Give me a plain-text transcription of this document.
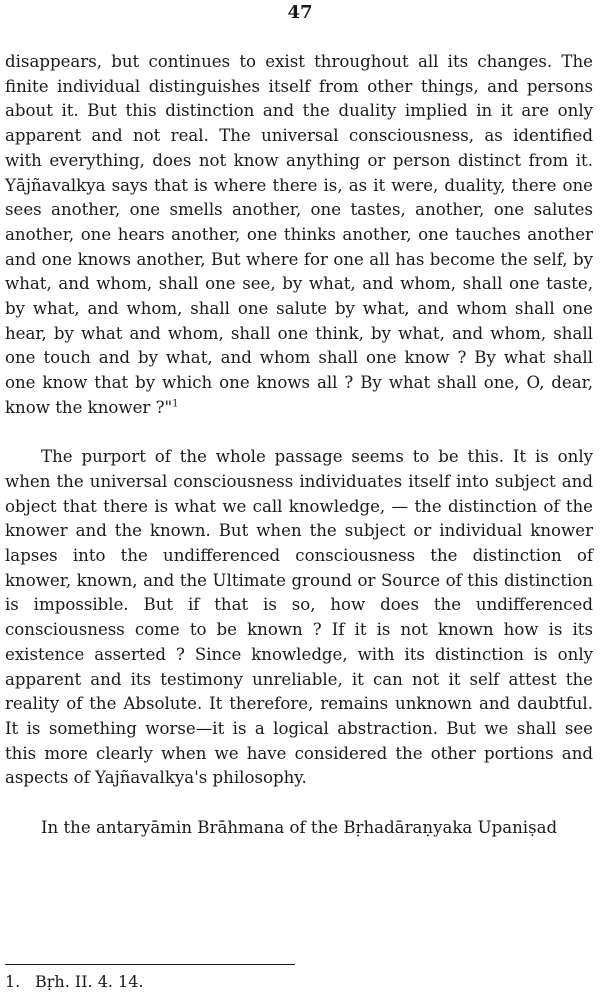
47

disappears, but continues to exist throughout all its changes. The finite individual distinguishes itself from other things, and persons about it. But this distinction and the duality implied in it are only apparent and not real. The universal consciousness, as identified with everything, does not know anything or person distinct from it. Yājñavalkya says that is where there is, as it were, duality, there one sees another, one smells another, one tastes, another, one salutes another, one hears another, one thinks another, one tauches another and one knows another, But where for one all has become the self, by what, and whom, shall one see, by what, and whom, shall one taste, by what, and whom, shall one salute by what, and whom shall one hear, by what and whom, shall one think, by what, and whom, shall one touch and by what, and whom shall one know ? By what shall one know that by which one knows all ? By what shall one, O, dear, know the knower ?"$^1$

The purport of the whole passage seems to be this. It is only when the universal consciousness individuates itself into subject and object that there is what we call knowledge, — the distinction of the knower and the known. But when the subject or individual knower lapses into the undifferenced consciousness the distinction of knower, known, and the Ultimate ground or Source of this distinction is impossible. But if that is so, how does the undifferenced consciousness come to be known ? If it is not known how is its existence asserted ? Since knowledge, with its distinction is only apparent and its testimony unreliable, it can not it self attest the reality of the Absolute. It therefore, remains unknown and daubtful. It is something worse—it is a logical abstraction. But we shall see this more clearly when we have considered the other portions and aspects of Yajñavalkya's philosophy.

In the antaryāmin Brāhmana of the Bṛhadāraṇyaka Upaniṣad

1. Bṛh. II. 4. 14.
